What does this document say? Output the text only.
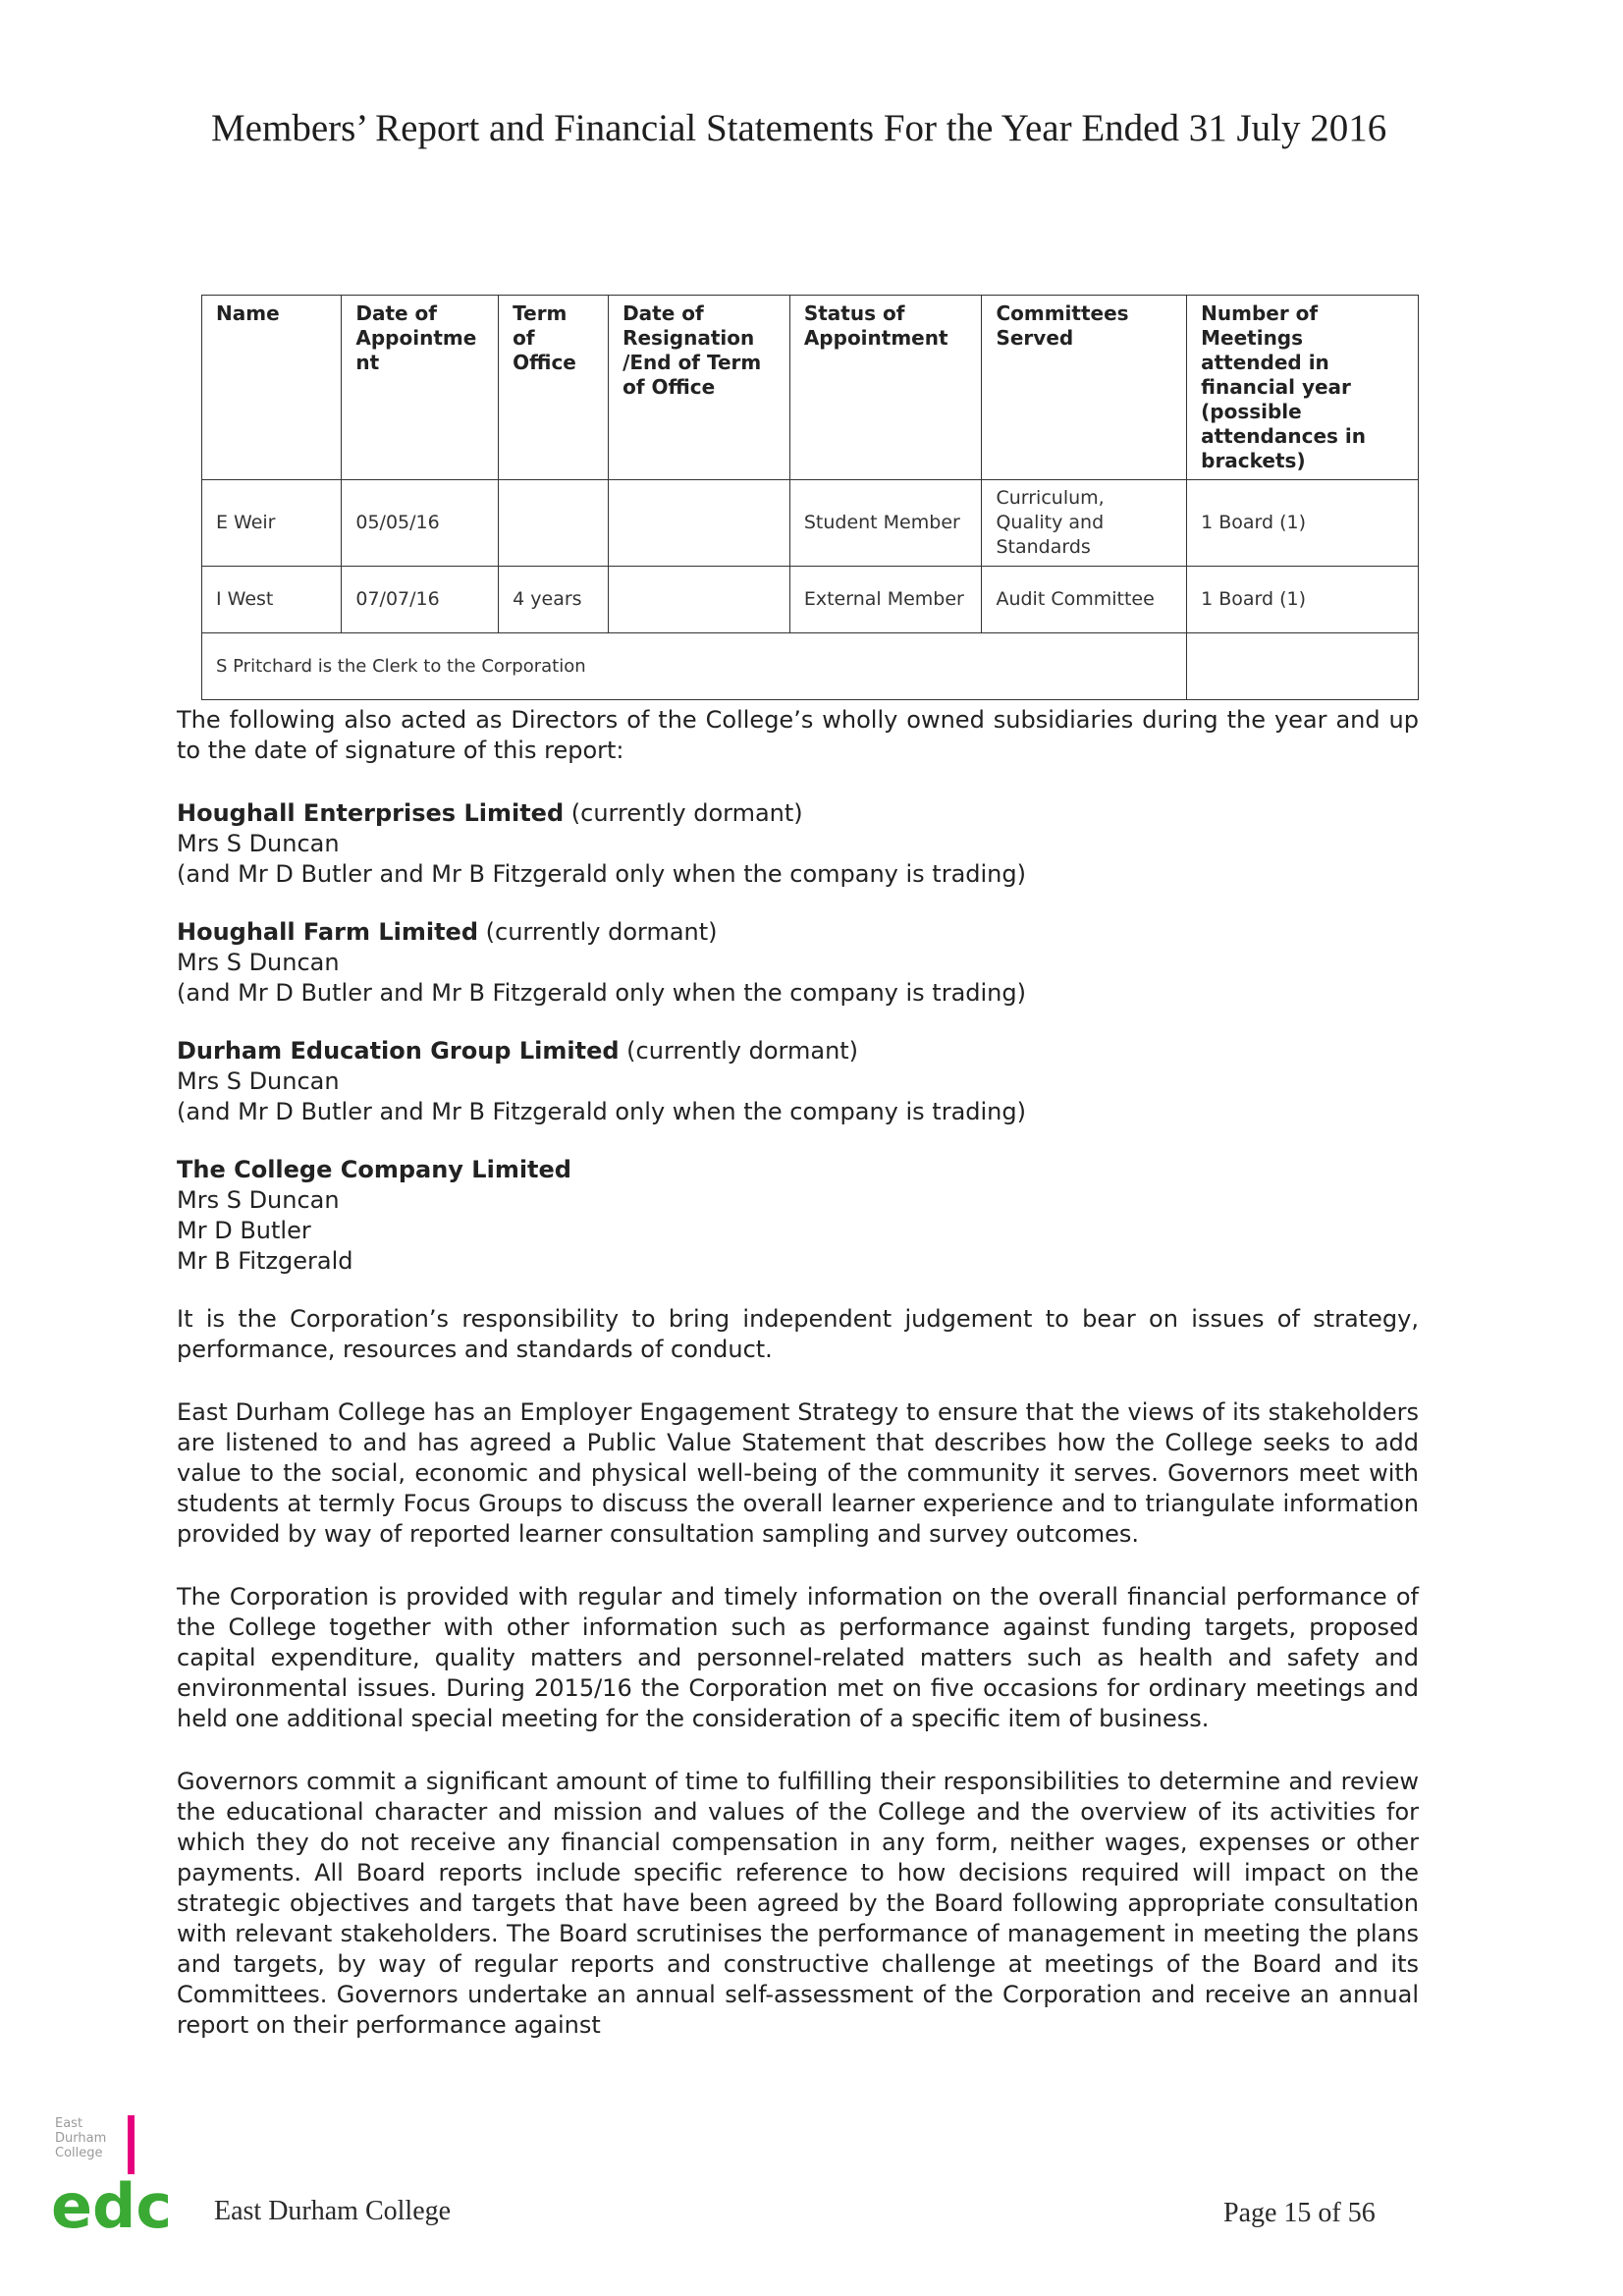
Members’ Report and Financial Statements For the Year Ended 31 July 2016
Name	Date of Appointment	Term of Office	Date of Resignation /End of Term of Office	Status of Appointment	Committees Served	Number of Meetings attended in financial year (possible attendances in brackets)
E Weir	05/05/16			Student Member	Curriculum, Quality and Standards	1 Board (1)
I West	07/07/16	4 years		External Member	Audit Committee	1 Board (1)
S Pritchard is the Clerk to the Corporation						

The following also acted as Directors of the College’s wholly owned subsidiaries during the year and up to the date of signature of this report:

Houghall Enterprises Limited (currently dormant)
Mrs S Duncan
(and Mr D Butler and Mr B Fitzgerald only when the company is trading)
Houghall Farm Limited (currently dormant)
Mrs S Duncan
(and Mr D Butler and Mr B Fitzgerald only when the company is trading)
Durham Education Group Limited (currently dormant)
Mrs S Duncan
(and Mr D Butler and Mr B Fitzgerald only when the company is trading)
The College Company Limited
Mrs S Duncan
Mr D Butler
Mr B Fitzgerald

It is the Corporation’s responsibility to bring independent judgement to bear on issues of strategy, performance, resources and standards of conduct.

East Durham College has an Employer Engagement Strategy to ensure that the views of its stakeholders are listened to and has agreed a Public Value Statement that describes how the College seeks to add value to the social, economic and physical well-being of the community it serves. Governors meet with students at termly Focus Groups to discuss the overall learner experience and to triangulate information provided by way of reported learner consultation sampling and survey outcomes.

The Corporation is provided with regular and timely information on the overall financial performance of the College together with other information such as performance against funding targets, proposed capital expenditure, quality matters and personnel-related matters such as health and safety and environmental issues. During 2015/16 the Corporation met on five occasions for ordinary meetings and held one additional special meeting for the consideration of a specific item of business.

Governors commit a significant amount of time to fulfilling their responsibilities to determine and review the educational character and mission and values of the College and the overview of its activities for which they do not receive any financial compensation in any form, neither wages, expenses or other payments. All Board reports include specific reference to how decisions required will impact on the strategic objectives and targets that have been agreed by the Board following appropriate consultation with relevant stakeholders. The Board scrutinises the performance of management in meeting the plans and targets, by way of regular reports and constructive challenge at meetings of the Board and its Committees. Governors undertake an annual self-assessment of the Corporation and receive an annual report on their performance against

East
Durham
College
edc East Durham College	Page 15 of 56
